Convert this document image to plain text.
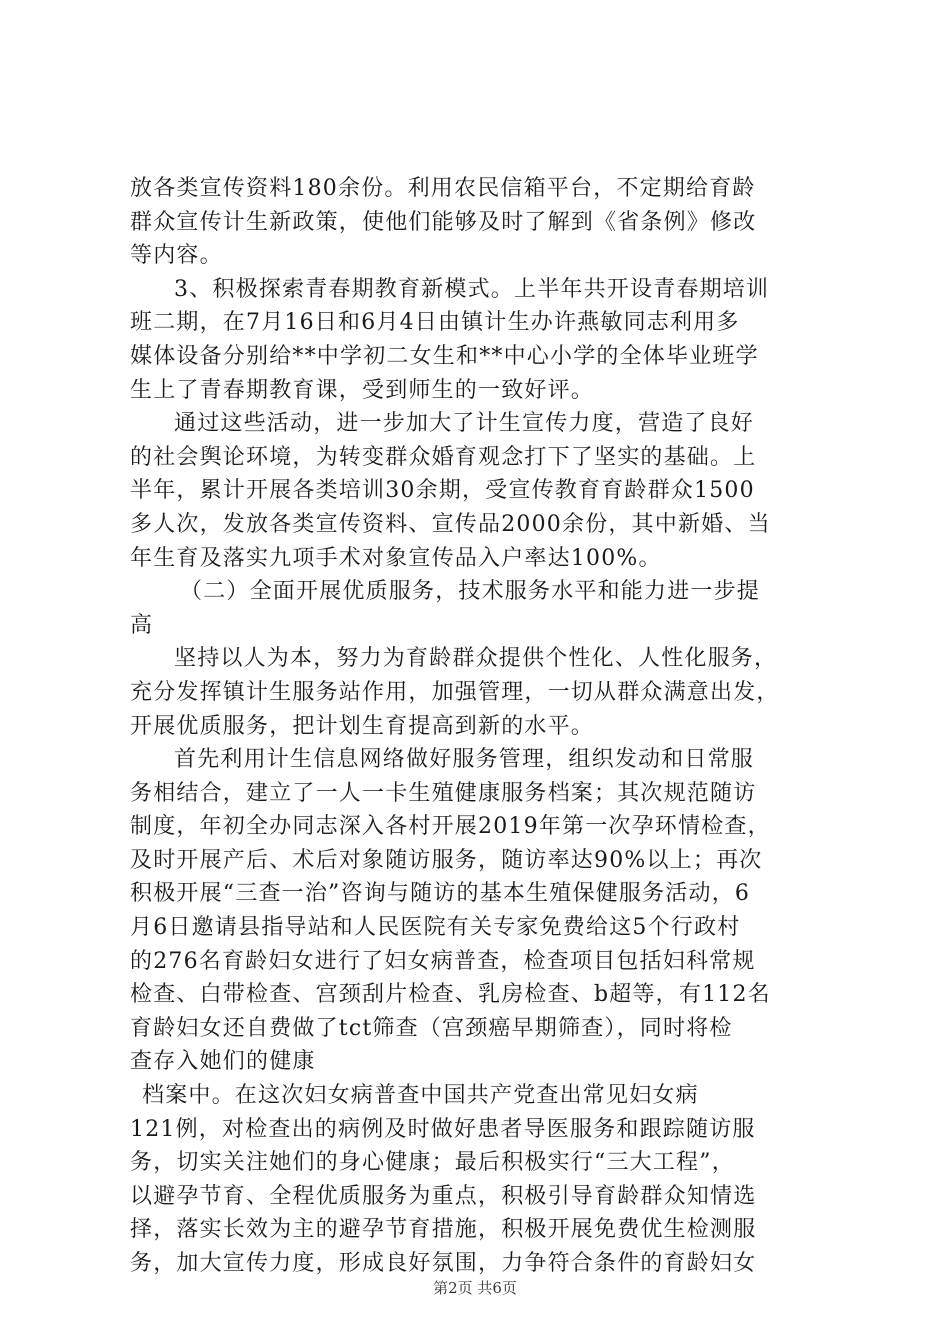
放各类宣传资料180余份。利用农民信箱平台，不定期给育龄
群众宣传计生新政策，使他们能够及时了解到《省条例》修改
等内容。
3、积极探索青春期教育新模式。上半年共开设青春期培训
班二期，在7月16日和6月4日由镇计生办许燕敏同志利用多
媒体设备分别给**中学初二女生和**中心小学的全体毕业班学
生上了青春期教育课，受到师生的一致好评。
通过这些活动，进一步加大了计生宣传力度，营造了良好
的社会舆论环境，为转变群众婚育观念打下了坚实的基础。上
半年，累计开展各类培训30余期，受宣传教育育龄群众1500
多人次，发放各类宣传资料、宣传品2000余份，其中新婚、当
年生育及落实九项手术对象宣传品入户率达100%。
（二）全面开展优质服务，技术服务水平和能力进一步提
高
坚持以人为本，努力为育龄群众提供个性化、人性化服务，
充分发挥镇计生服务站作用，加强管理，一切从群众满意出发，
开展优质服务，把计划生育提高到新的水平。
首先利用计生信息网络做好服务管理，组织发动和日常服
务相结合，建立了一人一卡生殖健康服务档案；其次规范随访
制度，年初全办同志深入各村开展2019年第一次孕环情检查，
及时开展产后、术后对象随访服务，随访率达90%以上；再次
积极开展“三查一治”咨询与随访的基本生殖保健服务活动，6
月6日邀请县指导站和人民医院有关专家免费给这5个行政村
的276名育龄妇女进行了妇女病普查，检查项目包括妇科常规
检查、白带检查、宫颈刮片检查、乳房检查、b超等，有112名
育龄妇女还自费做了tct筛查（宫颈癌早期筛查），同时将检
查存入她们的健康
档案中。在这次妇女病普查中国共产党查出常见妇女病
121例，对检查出的病例及时做好患者导医服务和跟踪随访服
务，切实关注她们的身心健康；最后积极实行“三大工程”，
以避孕节育、全程优质服务为重点，积极引导育龄群众知情选
择，落实长效为主的避孕节育措施，积极开展免费优生检测服
务，加大宣传力度，形成良好氛围，力争符合条件的育龄妇女
第2页 共6页
